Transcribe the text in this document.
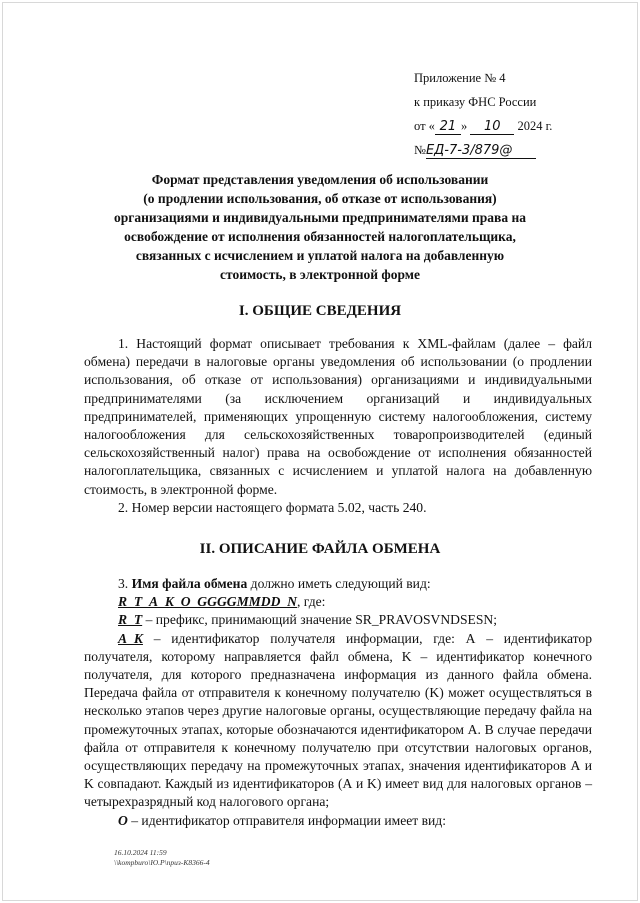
Приложение № 4
к приказу ФНС России
от « 21 » 10 2024 г.
№ЕД-7-3/879@
Формат представления уведомления об использовании
(о продлении использования, об отказе от использования)
организациями и индивидуальными предпринимателями права на
освобождение от исполнения обязанностей налогоплательщика,
связанных с исчислением и уплатой налога на добавленную
стоимость, в электронной форме
I. ОБЩИЕ СВЕДЕНИЯ

1. Настоящий формат описывает требования к XML-файлам (далее – файл обмена) передачи в налоговые органы уведомления об использовании (о продлении использования, об отказе от использования) организациями и индивидуальными предпринимателями (за исключением организаций и индивидуальных предпринимателей, применяющих упрощенную систему налогообложения, систему налогообложения для сельскохозяйственных товаропроизводителей (единый сельскохозяйственный налог) права на освобождение от исполнения обязанностей налогоплательщика, связанных с исчислением и уплатой налога на добавленную стоимость, в электронной форме.

2. Номер версии настоящего формата 5.02, часть 240.

II. ОПИСАНИЕ ФАЙЛА ОБМЕНА

3. Имя файла обмена должно иметь следующий вид:

R_T_A_K_O_GGGGMMDD_N, где:

R_T – префикс, принимающий значение SR_PRAVOSVNDSESN;

A_K – идентификатор получателя информации, где: А – идентификатор получателя, которому направляется файл обмена, K – идентификатор конечного получателя, для которого предназначена информация из данного файла обмена. Передача файла от отправителя к конечному получателю (K) может осуществляться в несколько этапов через другие налоговые органы, осуществляющие передачу файла на промежуточных этапах, которые обозначаются идентификатором А. В случае передачи файла от отправителя к конечному получателю при отсутствии налоговых органов, осуществляющих передачу на промежуточных этапах, значения идентификаторов А и K совпадают. Каждый из идентификаторов (А и K) имеет вид для налоговых органов – четырехразрядный код налогового органа;

O – идентификатор отправителя информации имеет вид:

16.10.2024 11:59
\\kompburo\Ю.Р\приз-К8366-4
